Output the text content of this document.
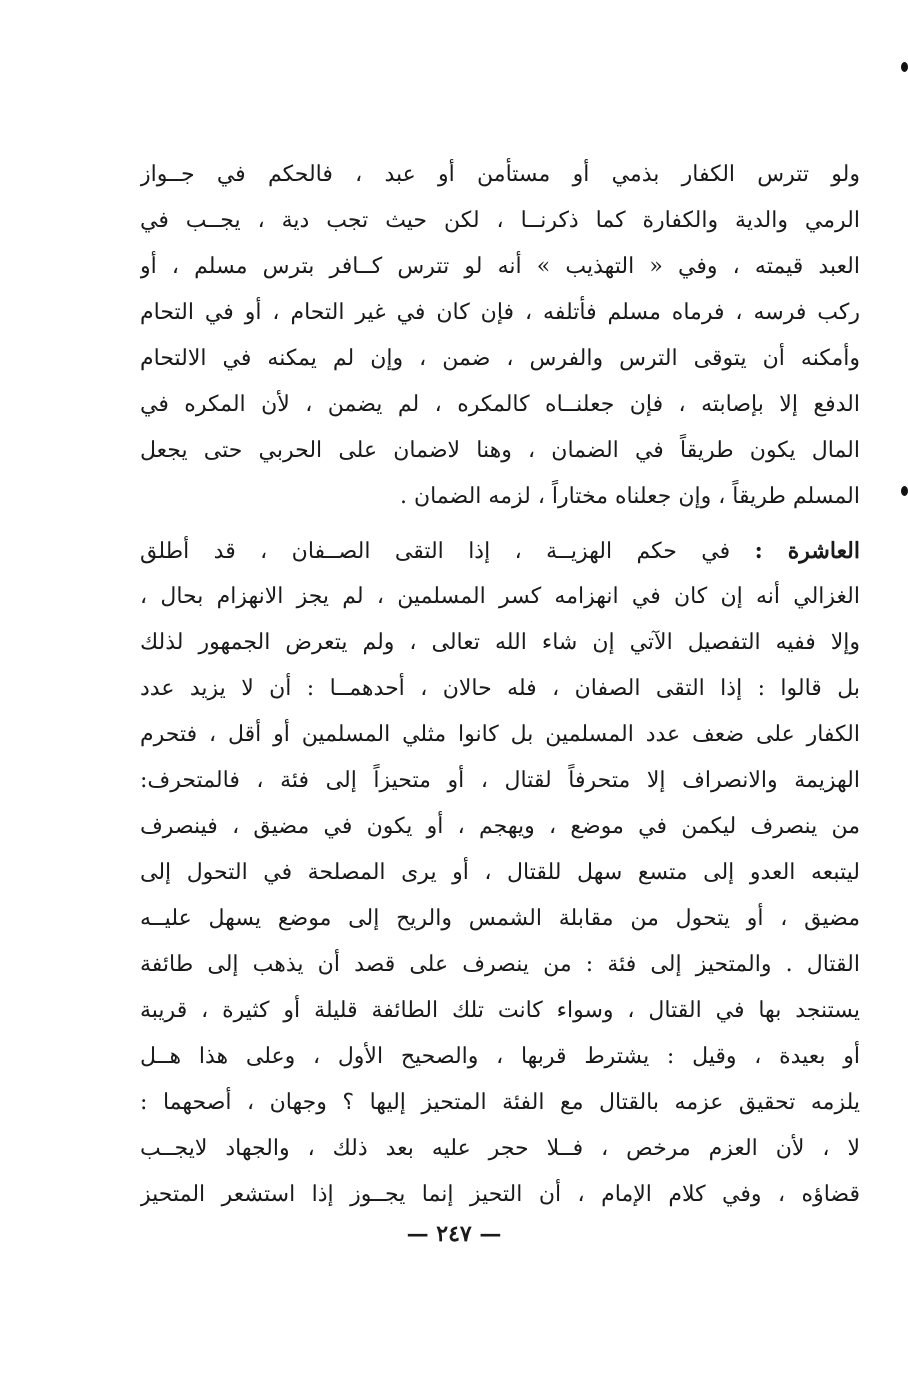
ولو تترس الكفار بذمي أو مستأمن أو عبد ، فالحكم في جــواز
الرمي والدية والكفارة كما ذكرنــا ، لكن حيث تجب دية ، يجــب في
العبد قيمته ، وفي « التهذيب » أنه لو تترس كــافر بترس مسلم ، أو
ركب فرسه ، فرماه مسلم فأتلفه ، فإن كان في غير التحام ، أو في التحام
وأمكنه أن يتوقى الترس والفرس ، ضمن ، وإن لم يمكنه في الالتحام
الدفع إلا بإصابته ، فإن جعلنــاه كالمكره ، لم يضمن ، لأن المكره في
المال يكون طريقاً في الضمان ، وهنا لاضمان على الحربي حتى يجعل
المسلم طريقاً ، وإن جعلناه مختاراً ، لزمه الضمان .
العاشرة : في حكم الهزيــة ، إذا التقى الصــفان ، قد أطلق
الغزالي أنه إن كان في انهزامه كسر المسلمين ، لم يجز الانهزام بحال ،
وإلا ففيه التفصيل الآتي إن شاء الله تعالى ، ولم يتعرض الجمهور لذلك
بل قالوا : إذا التقى الصفان ، فله حالان ، أحدهمــا : أن لا يزيد عدد
الكفار على ضعف عدد المسلمين بل كانوا مثلي المسلمين أو أقل ، فتحرم
الهزيمة والانصراف إلا متحرفاً لقتال ، أو متحيزاً إلى فئة ، فالمتحرف:
من ينصرف ليكمن في موضع ، ويهجم ، أو يكون في مضيق ، فينصرف
ليتبعه العدو إلى متسع سهل للقتال ، أو يرى المصلحة في التحول إلى
مضيق ، أو يتحول من مقابلة الشمس والريح إلى موضع يسهل عليــه
القتال . والمتحيز إلى فئة : من ينصرف على قصد أن يذهب إلى طائفة
يستنجد بها في القتال ، وسواء كانت تلك الطائفة قليلة أو كثيرة ، قريبة
أو بعيدة ، وقيل : يشترط قربها ، والصحيح الأول ، وعلى هذا هــل
يلزمه تحقيق عزمه بالقتال مع الفئة المتحيز إليها ؟ وجهان ، أصحهما :
لا ، لأن العزم مرخص ، فــلا حجر عليه بعد ذلك ، والجهاد لايجــب
قضاؤه ، وفي كلام الإمام ، أن التحيز إنما يجــوز إذا استشعر المتحيز
— ٢٤٧ —
